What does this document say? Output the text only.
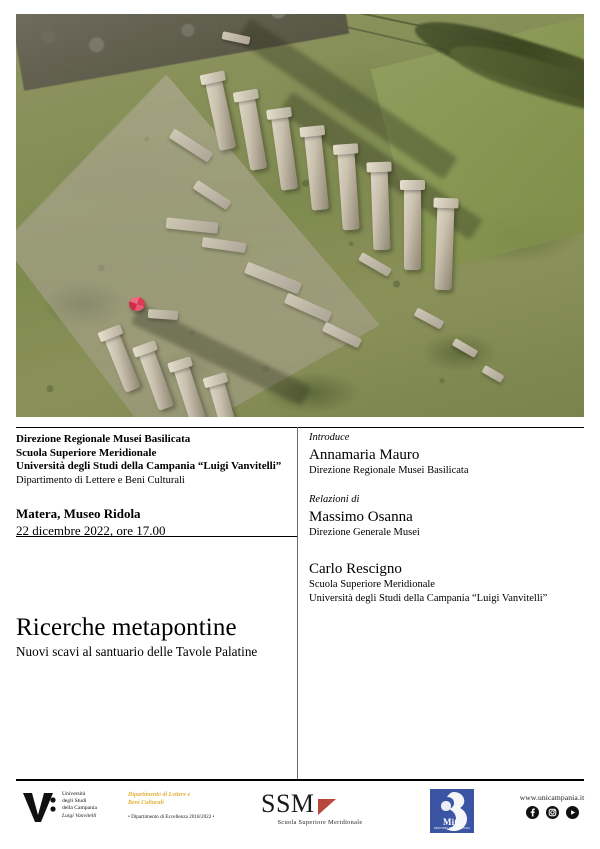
Direzione Regionale Musei Basilicata
Scuola Superiore Meridionale
Università degli Studi della Campania “Luigi Vanvitelli”
Dipartimento di Lettere e Beni Culturali
Matera, Museo Ridola
22 dicembre 2022, ore 17.00
Ricerche metapontine
Nuovi scavi al santuario delle Tavole Palatine
Introduce
Annamaria Mauro
Direzione Regionale Musei Basilicata
Relazioni di
Massimo Osanna
Direzione Generale Musei
Carlo Rescigno
Scuola Superiore Meridionale
Università degli Studi della Campania “Luigi Vanvitelli”
Università
degli Studi
della Campania
Luigi Vanvitelli
Dipartimento di Lettere e
Beni Culturali
• Dipartimento di Eccellenza 2018/2022 • SSM
Scuola Superiore Meridionale	MiC
MINISTERO DELLA CULTURA
www.unicampania.it
